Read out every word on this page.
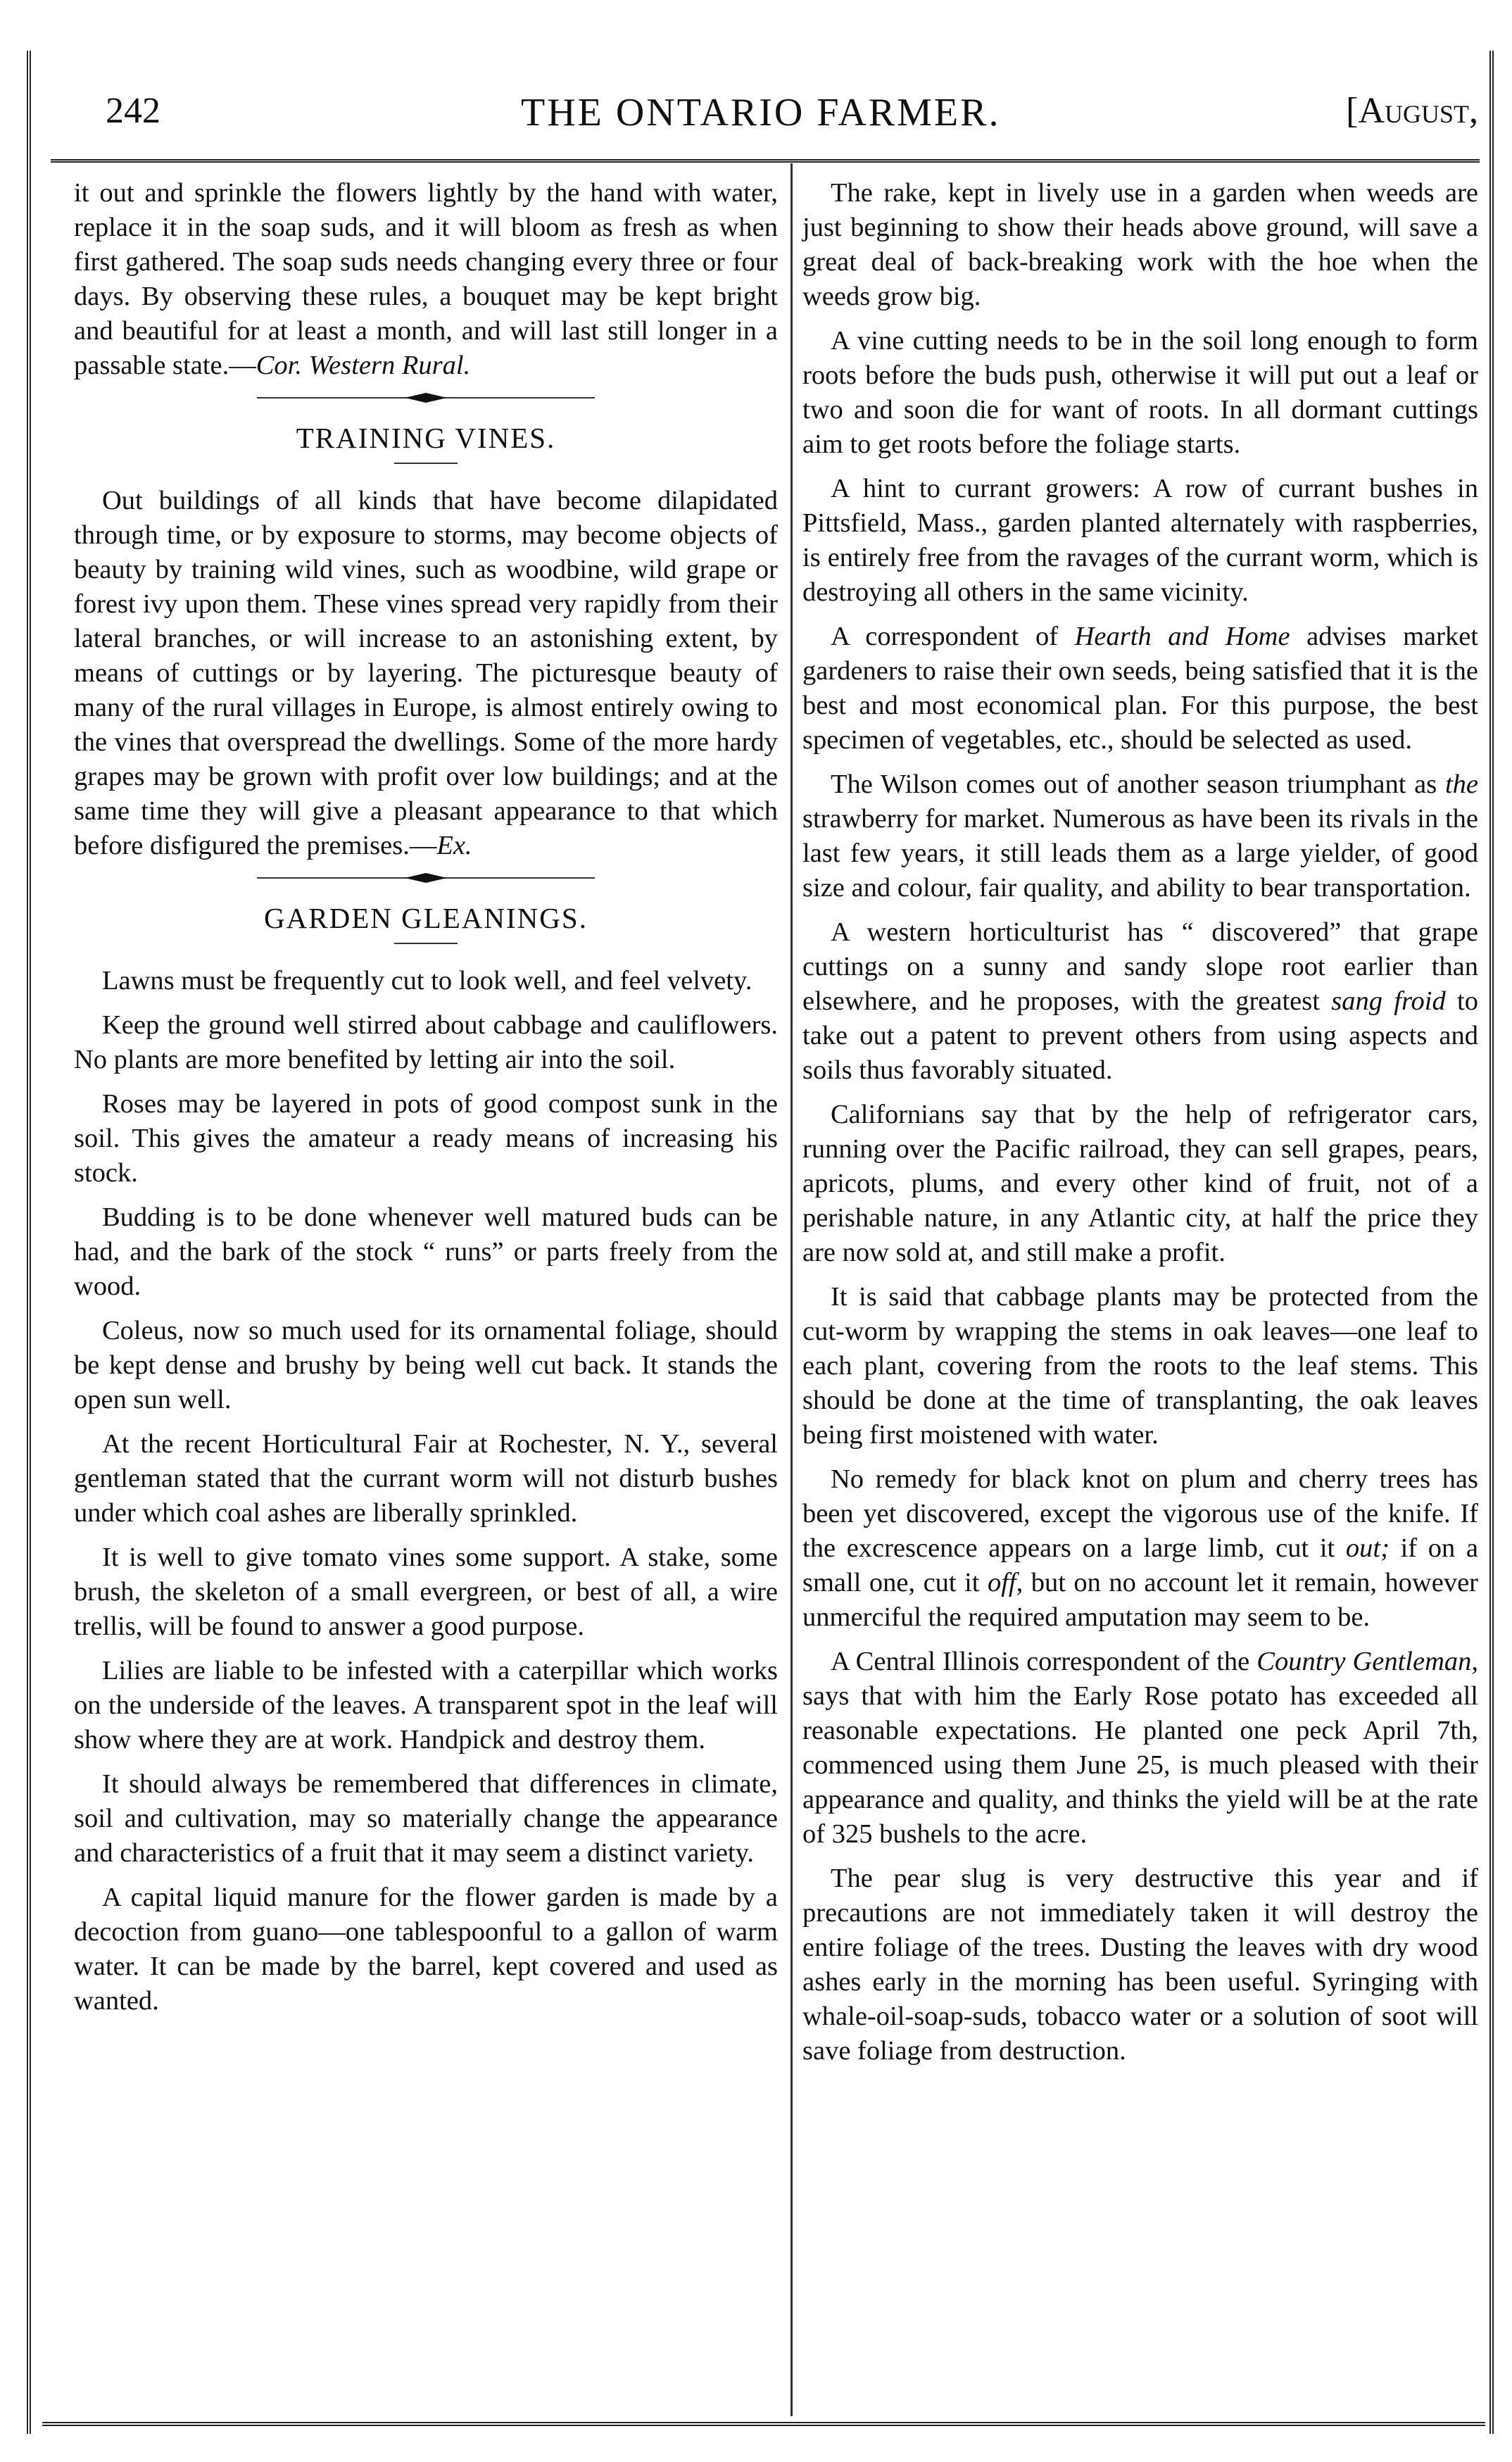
242	THE ONTARIO FARMER.	[August,

it out and sprinkle the flowers lightly by the hand with water, replace it in the soap suds, and it will bloom as fresh as when first gathered. The soap suds needs changing every three or four days. By observing these rules, a bouquet may be kept bright and beautiful for at least a month, and will last still longer in a passable state.—Cor. Western Rural.

TRAINING VINES.

Out buildings of all kinds that have become dilapidated through time, or by exposure to storms, may become objects of beauty by training wild vines, such as woodbine, wild grape or forest ivy upon them. These vines spread very rapidly from their lateral branches, or will increase to an astonishing extent, by means of cuttings or by layering. The picturesque beauty of many of the rural villages in Europe, is almost entirely owing to the vines that overspread the dwellings. Some of the more hardy grapes may be grown with profit over low buildings; and at the same time they will give a pleasant appearance to that which before disfigured the premises.—Ex.

GARDEN GLEANINGS.

Lawns must be frequently cut to look well, and feel velvety.

Keep the ground well stirred about cabbage and cauliflowers. No plants are more benefited by letting air into the soil.

Roses may be layered in pots of good compost sunk in the soil. This gives the amateur a ready means of increasing his stock.

Budding is to be done whenever well matured buds can be had, and the bark of the stock “ runs” or parts freely from the wood.

Coleus, now so much used for its ornamental foliage, should be kept dense and brushy by being well cut back. It stands the open sun well.

At the recent Horticultural Fair at Rochester, N. Y., several gentleman stated that the currant worm will not disturb bushes under which coal ashes are liberally sprinkled.

It is well to give tomato vines some support. A stake, some brush, the skeleton of a small evergreen, or best of all, a wire trellis, will be found to answer a good purpose.

Lilies are liable to be infested with a caterpillar which works on the underside of the leaves. A transparent spot in the leaf will show where they are at work. Handpick and destroy them.

It should always be remembered that differences in climate, soil and cultivation, may so materially change the appearance and characteristics of a fruit that it may seem a distinct variety.

A capital liquid manure for the flower garden is made by a decoction from guano—one tablespoonful to a gallon of warm water. It can be made by the barrel, kept covered and used as wanted.

The rake, kept in lively use in a garden when weeds are just beginning to show their heads above ground, will save a great deal of back-breaking work with the hoe when the weeds grow big.

A vine cutting needs to be in the soil long enough to form roots before the buds push, otherwise it will put out a leaf or two and soon die for want of roots. In all dormant cuttings aim to get roots before the foliage starts.

A hint to currant growers: A row of currant bushes in Pittsfield, Mass., garden planted alternately with raspberries, is entirely free from the ravages of the currant worm, which is destroying all others in the same vicinity.

A correspondent of Hearth and Home advises market gardeners to raise their own seeds, being satisfied that it is the best and most economical plan. For this purpose, the best specimen of vegetables, etc., should be selected as used.

The Wilson comes out of another season triumphant as the strawberry for market. Numerous as have been its rivals in the last few years, it still leads them as a large yielder, of good size and colour, fair quality, and ability to bear transportation.

A western horticulturist has “ discovered” that grape cuttings on a sunny and sandy slope root earlier than elsewhere, and he proposes, with the greatest sang froid to take out a patent to prevent others from using aspects and soils thus favorably situated.

Californians say that by the help of refrigerator cars, running over the Pacific railroad, they can sell grapes, pears, apricots, plums, and every other kind of fruit, not of a perishable nature, in any Atlantic city, at half the price they are now sold at, and still make a profit.

It is said that cabbage plants may be protected from the cut-worm by wrapping the stems in oak leaves—one leaf to each plant, covering from the roots to the leaf stems. This should be done at the time of transplanting, the oak leaves being first moistened with water.

No remedy for black knot on plum and cherry trees has been yet discovered, except the vigorous use of the knife. If the excrescence appears on a large limb, cut it out; if on a small one, cut it off, but on no account let it remain, however unmerciful the required amputation may seem to be.

A Central Illinois correspondent of the Country Gentleman, says that with him the Early Rose potato has exceeded all reasonable expectations. He planted one peck April 7th, commenced using them June 25, is much pleased with their appearance and quality, and thinks the yield will be at the rate of 325 bushels to the acre.

The pear slug is very destructive this year and if precautions are not immediately taken it will destroy the entire foliage of the trees. Dusting the leaves with dry wood ashes early in the morning has been useful. Syringing with whale-oil-soap-suds, tobacco water or a solution of soot will save foliage from destruction.
